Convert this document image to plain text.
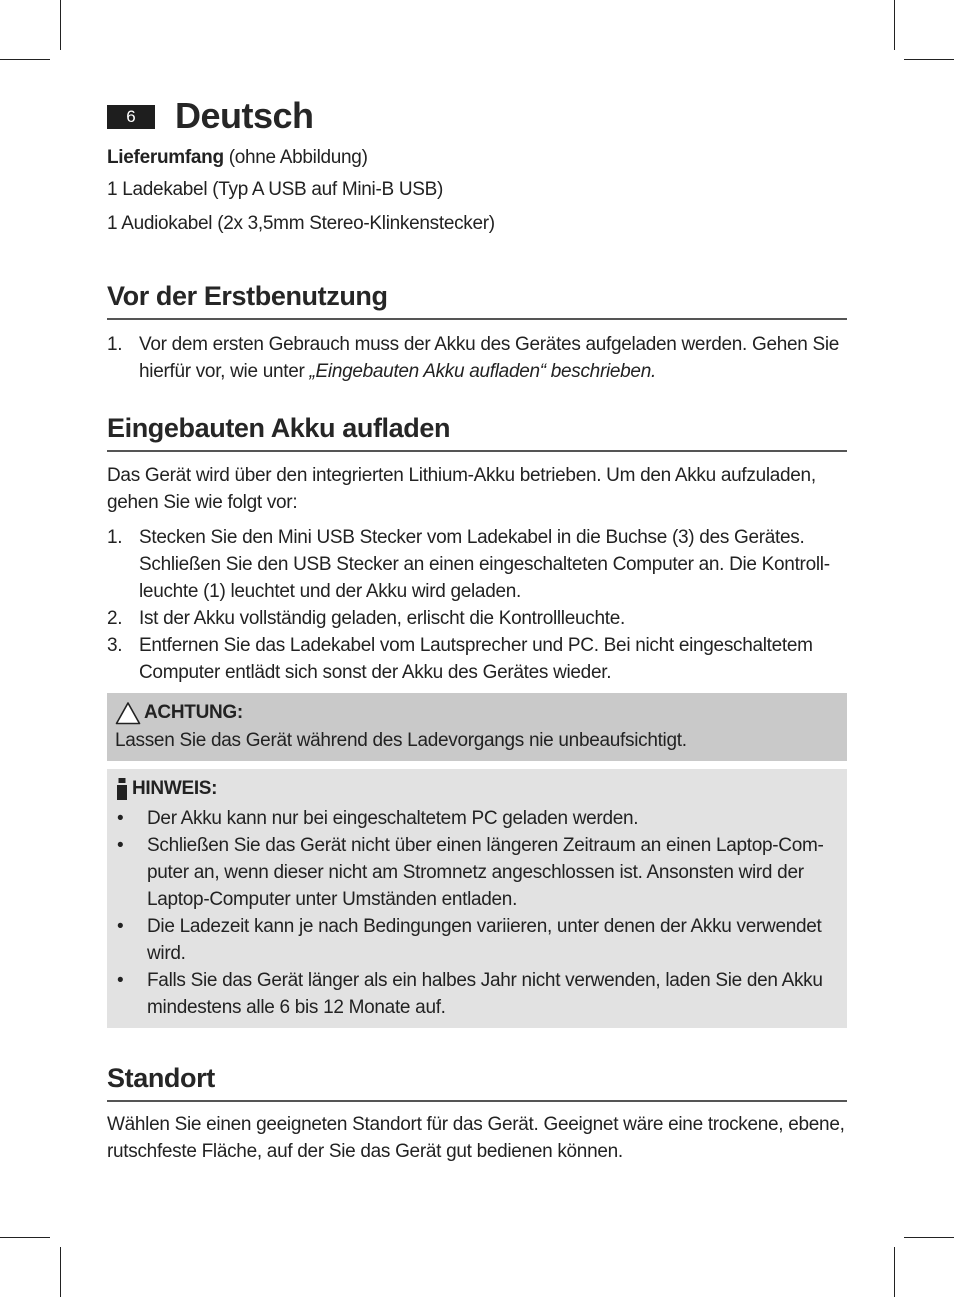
6	Deutsch

Lieferumfang (ohne Abbildung)

1 Ladekabel (Typ A USB auf Mini-B USB)

1 Audiokabel (2x 3,5mm Stereo-Klinkenstecker)

Vor der Erstbenutzung
1. Vor dem ersten Gebrauch muss der Akku des Gerätes aufgeladen werden. Gehen Sie hierfür vor, wie unter „Eingebauten Akku aufladen“ beschrieben.
Eingebauten Akku aufladen

Das Gerät wird über den integrierten Lithium-Akku betrieben. Um den Akku aufzuladen, gehen Sie wie folgt vor:

1. Stecken Sie den Mini USB Stecker vom Ladekabel in die Buchse (3) des Gerätes. Schließen Sie den USB Stecker an einen eingeschalteten Computer an. Die Kontroll-leuchte (1) leuchtet und der Akku wird geladen.
2. Ist der Akku vollständig geladen, erlischt die Kontrollleuchte.
3. Entfernen Sie das Ladekabel vom Lautsprecher und PC. Bei nicht eingeschaltetem Computer entlädt sich sonst der Akku des Gerätes wieder.
ACHTUNG:

Lassen Sie das Gerät während des Ladevorgangs nie unbeaufsichtigt.

HINWEIS:
• Der Akku kann nur bei eingeschaltetem PC geladen werden.
• Schließen Sie das Gerät nicht über einen längeren Zeitraum an einen Laptop-Com-puter an, wenn dieser nicht am Stromnetz angeschlossen ist. Ansonsten wird der Laptop-Computer unter Umständen entladen.
• Die Ladezeit kann je nach Bedingungen variieren, unter denen der Akku verwendet wird.
• Falls Sie das Gerät länger als ein halbes Jahr nicht verwenden, laden Sie den Akku mindestens alle 6 bis 12 Monate auf.
Standort

Wählen Sie einen geeigneten Standort für das Gerät. Geeignet wäre eine trockene, ebene, rutschfeste Fläche, auf der Sie das Gerät gut bedienen können.
